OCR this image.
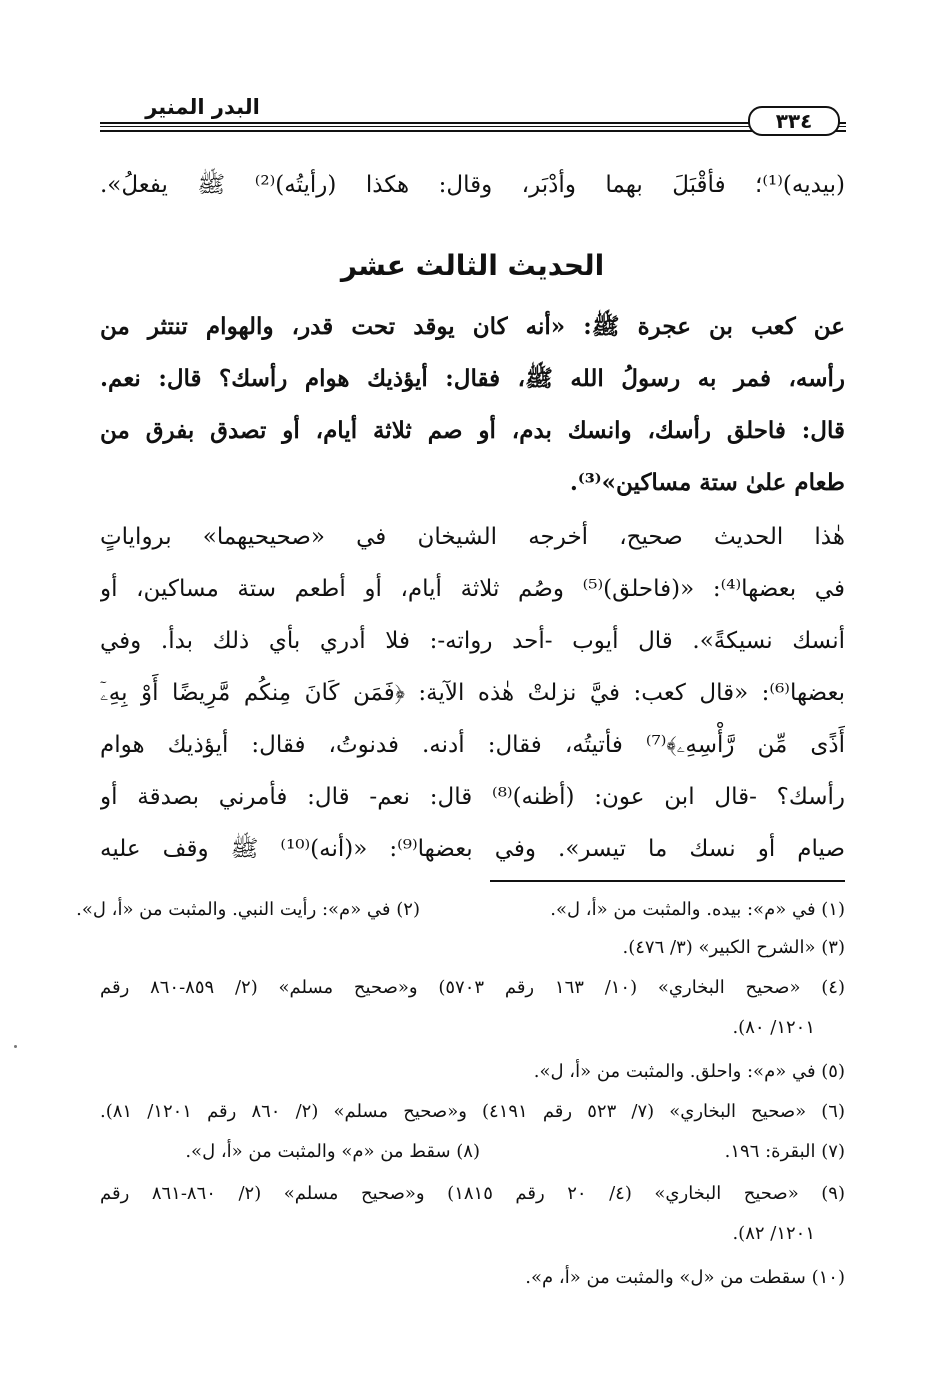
البدر المنير
٣٣٤
(بيديه)⁽¹⁾؛ فأقْبَلَ بهما وأدْبَر، وقال: هكذا (رأيتُه)⁽²⁾ ﷺ يفعلُ».
الحديث الثالث عشر
عن كعب بن عجرة ﷺ: «أنه كان يوقد تحت قدر، والهوام تنتثر من
رأسه، فمر به رسولُ الله ﷺ، فقال: أيؤذيك هوام رأسك؟ قال: نعم.
قال: فاحلق رأسك، وانسك بدم، أو صم ثلاثة أيام، أو تصدق بفرق من
طعام علىٰ ستة مساكين»⁽³⁾.
هٰذا الحديث صحيح، أخرجه الشيخان في «صحيحيهما» برواياتٍ
في بعضها⁽⁴⁾: «(فاحلق)⁽⁵⁾ وصُم ثلاثة أيام، أو أطعم ستة مساكين، أو
أنسك نسيكةً». قال أيوب -أحد رواته-: فلا أدري بأي ذلك بدأ. وفي
بعضها⁽⁶⁾: «قال كعب: فيَّ نزلتْ هٰذه الآية: ﴿فَمَن كَانَ مِنكُم مَّرِيضًا أَوْ بِهِۦٓ
أَذًى مِّن رَّأْسِهِۦ﴾⁽⁷⁾ فأتيتُه، فقال: أدنه. فدنوتُ، فقال: أيؤذيك هوام
رأسك؟ -قال ابن عون: (أظنه)⁽⁸⁾ قال: نعم- قال: فأمرني بصدقة أو
صيام أو نسك ما تيسر». وفي بعضها⁽⁹⁾: «(أنه)⁽¹⁰⁾ ﷺ وقف عليه
(١) في «م»: بيده. والمثبت من «أ، ل».
(٢) في «م»: رأيت النبي. والمثبت من «أ، ل».
(٣) «الشرح الكبير» (٣/ ٤٧٦).
(٤) «صحيح البخاري» (١٠/ ١٦٣ رقم ٥٧٠٣) و«صحيح مسلم» (٢/ ٨٥٩-٨٦٠ رقم
١٢٠١/ ٨٠).
(٥) في «م»: واحلق. والمثبت من «أ، ل».
(٦) «صحيح البخاري» (٧/ ٥٢٣ رقم ٤١٩١) و«صحيح مسلم» (٢/ ٨٦٠ رقم ١٢٠١/ ٨١).
(٧) البقرة: ١٩٦.
(٨) سقط من «م» والمثبت من «أ، ل».
(٩) «صحيح البخاري» (٤/ ٢٠ رقم ١٨١٥) و«صحيح مسلم» (٢/ ٨٦٠-٨٦١ رقم
١٢٠١/ ٨٢).
(١٠) سقطت من «ل» والمثبت من «أ، م».
